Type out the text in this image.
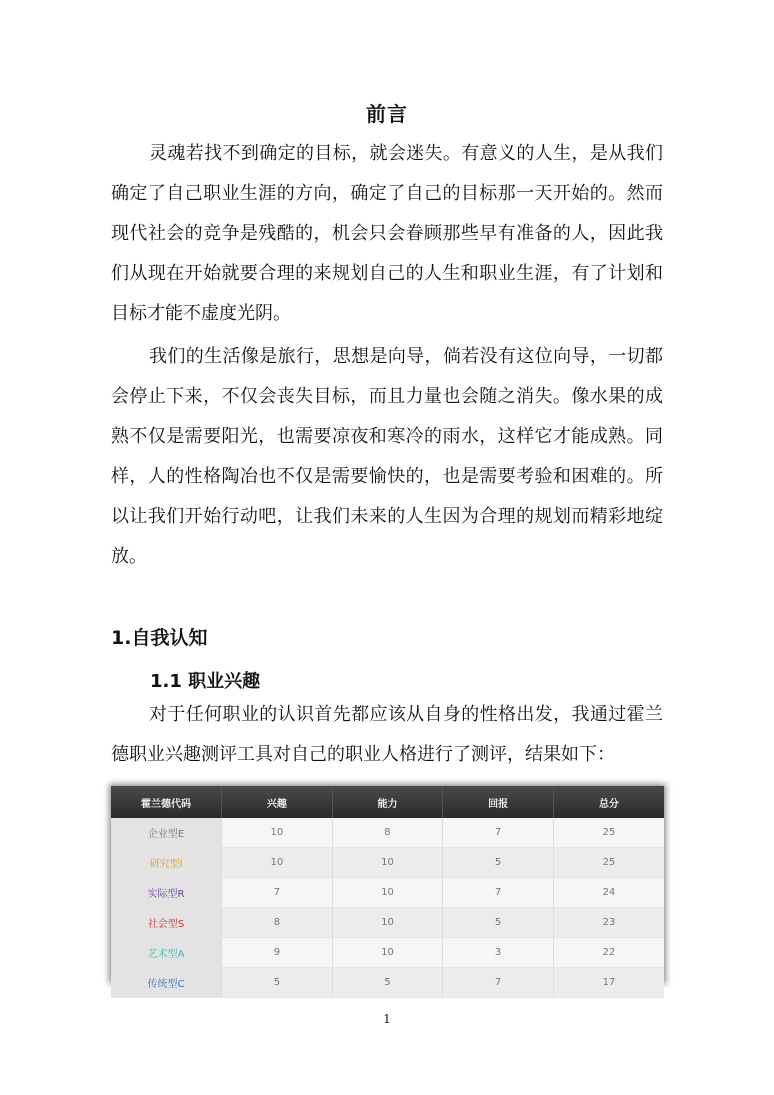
前言

灵魂若找不到确定的目标，就会迷失。有意义的人生，是从我们确定了自己职业生涯的方向，确定了自己的目标那一天开始的。然而现代社会的竞争是残酷的，机会只会眷顾那些早有准备的人，因此我们从现在开始就要合理的来规划自己的人生和职业生涯，有了计划和目标才能不虚度光阴。

我们的生活像是旅行，思想是向导，倘若没有这位向导，一切都会停止下来，不仅会丧失目标，而且力量也会随之消失。像水果的成熟不仅是需要阳光，也需要凉夜和寒冷的雨水，这样它才能成熟。同样，人的性格陶冶也不仅是需要愉快的，也是需要考验和困难的。所以让我们开始行动吧，让我们未来的人生因为合理的规划而精彩地绽放。

1.自我认知
1.1 职业兴趣

对于任何职业的认识首先都应该从自身的性格出发，我通过霍兰德职业兴趣测评工具对自己的职业人格进行了测评，结果如下：

霍兰德代码	兴趣	能力	回报	总分
企业型E	10	8	7	25
研究型I	10	10	5	25
实际型R	7	10	7	24
社会型S	8	10	5	23
艺术型A	9	10	3	22
传统型C	5	5	7	17
1
